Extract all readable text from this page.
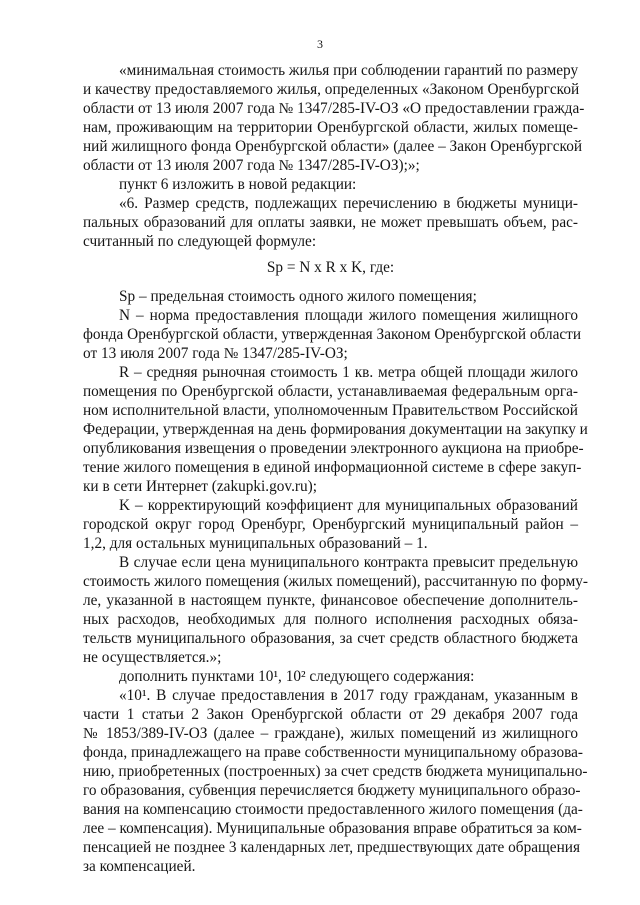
3
«минимальная стоимость жилья при соблюдении гарантий по размеру
и качеству предоставляемого жилья, определенных «Законом Оренбургской
области от 13 июля 2007 года № 1347/285-IV-ОЗ «О предоставлении гражда-
нам, проживающим на территории Оренбургской области, жилых помеще-
ний жилищного фонда Оренбургской области» (далее – Закон Оренбургской
области от 13 июля 2007 года № 1347/285-IV-ОЗ);»;
пункт 6 изложить в новой редакции:
«6. Размер средств, подлежащих перечислению в бюджеты муници-
пальных образований для оплаты заявки, не может превышать объем, рас-
считанный по следующей формуле:
Sp = N x R x K, где:
Sp – предельная стоимость одного жилого помещения;
N – норма предоставления площади жилого помещения жилищного
фонда Оренбургской области, утвержденная Законом Оренбургской области
от 13 июля 2007 года № 1347/285-IV-ОЗ;
R – средняя рыночная стоимость 1 кв. метра общей площади жилого
помещения по Оренбургской области, устанавливаемая федеральным орга-
ном исполнительной власти, уполномоченным Правительством Российской
Федерации, утвержденная на день формирования документации на закупку и
опубликования извещения о проведении электронного аукциона на приобре-
тение жилого помещения в единой информационной системе в сфере закуп-
ки в сети Интернет (zakupki.gov.ru);
K – корректирующий коэффициент для муниципальных образований
городской округ город Оренбург, Оренбургский муниципальный район –
1,2, для остальных муниципальных образований – 1.
В случае если цена муниципального контракта превысит предельную
стоимость жилого помещения (жилых помещений), рассчитанную по форму-
ле, указанной в настоящем пункте, финансовое обеспечение дополнитель-
ных расходов, необходимых для полного исполнения расходных обяза-
тельств муниципального образования, за счет средств областного бюджета
не осуществляется.»;
дополнить пунктами 10¹, 10² следующего содержания:
«10¹. В случае предоставления в 2017 году гражданам, указанным в
части 1 статьи 2 Закон Оренбургской области от 29 декабря 2007 года
№ 1853/389-IV-ОЗ (далее – граждане), жилых помещений из жилищного
фонда, принадлежащего на праве собственности муниципальному образова-
нию, приобретенных (построенных) за счет средств бюджета муниципально-
го образования, субвенция перечисляется бюджету муниципального образо-
вания на компенсацию стоимости предоставленного жилого помещения (да-
лее – компенсация). Муниципальные образования вправе обратиться за ком-
пенсацией не позднее 3 календарных лет, предшествующих дате обращения
за компенсацией.
